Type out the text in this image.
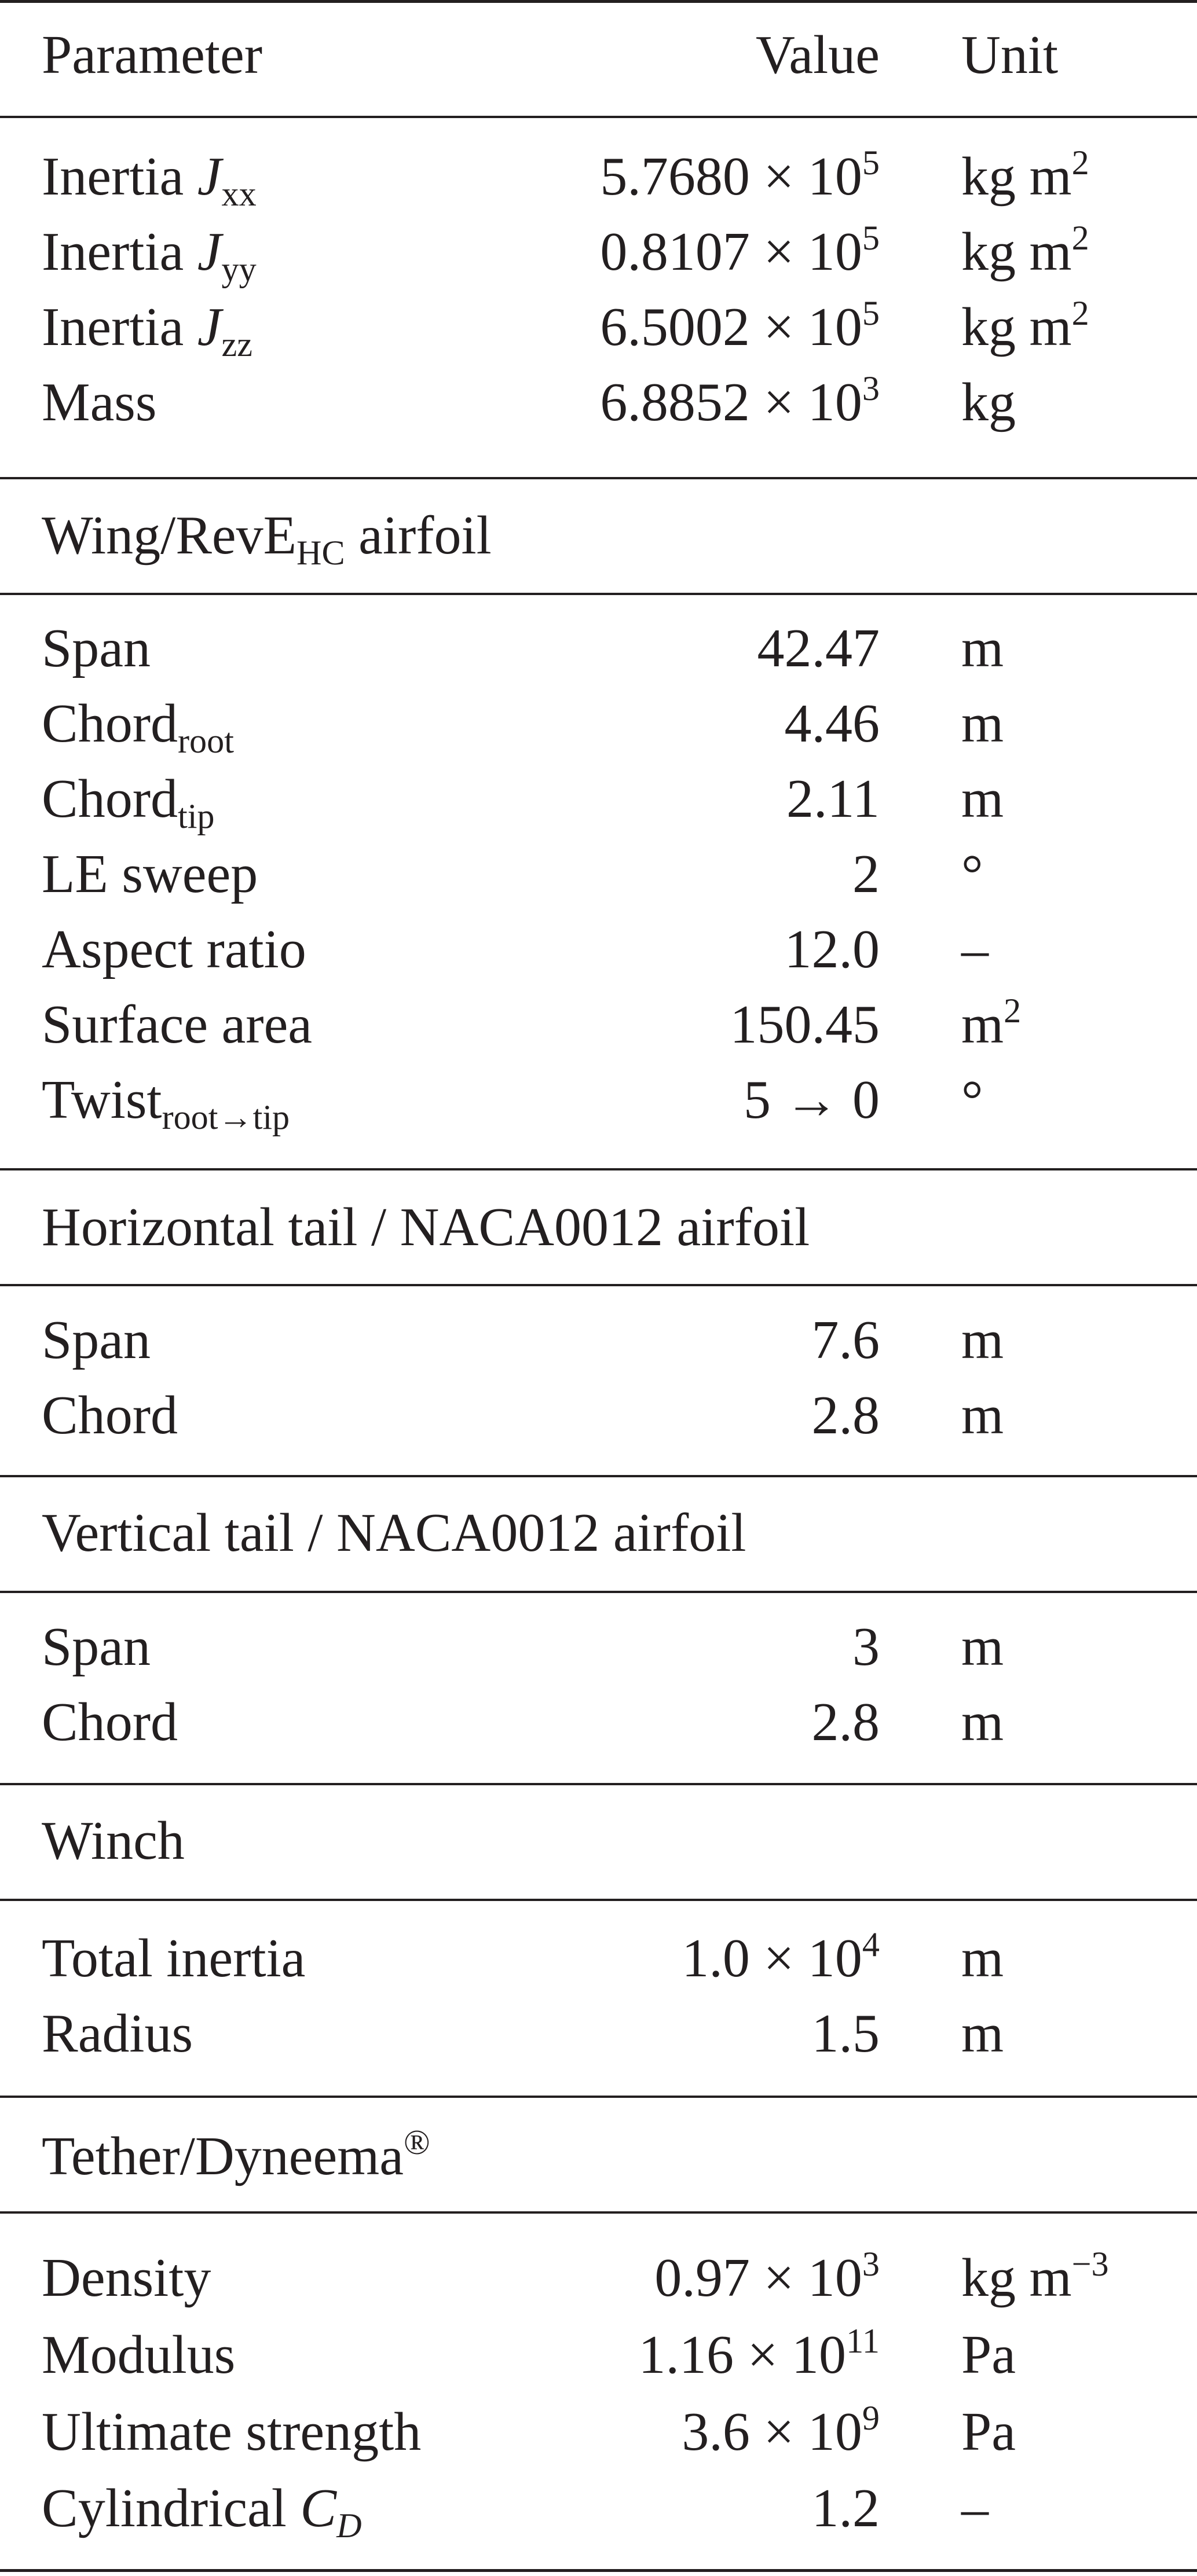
Parameter	Value Unit
Inertia $J_{xx}$	$5.7680 \times 10^5$ kg $m^2$
Inertia $J_{yy}$	$0.8107 \times 10^5$ kg $m^2$
Inertia $J_{zz}$	$6.5002 \times 10^5$ kg $m^2$
Mass	$6.8852 \times 10^3$ kg
Wing/RevE$_{HC}$ airfoil
Span	42.47 m
Chord$_{root}$	4.46 m
Chord$_{tip}$	2.11 m
LE sweep	2 °
Aspect ratio	12.0 –
Surface area	150.45 $m^2$
Twist$_{root\to tip}$	5 → 0 °
Horizontal tail / NACA0012 airfoil
Span	7.6 m
Chord	2.8 m
Vertical tail / NACA0012 airfoil
Span	3 m
Chord	2.8 m
Winch
Total inertia	$1.0 \times 10^4$ m
Radius	1.5 m
Tether/Dyneema®
Density	$0.97 \times 10^3$ kg $m^{-3}$
Modulus	$1.16 \times 10^{11}$ Pa
Ultimate strength	$3.6 \times 10^9$ Pa
Cylindrical $C_D$	1.2 –
